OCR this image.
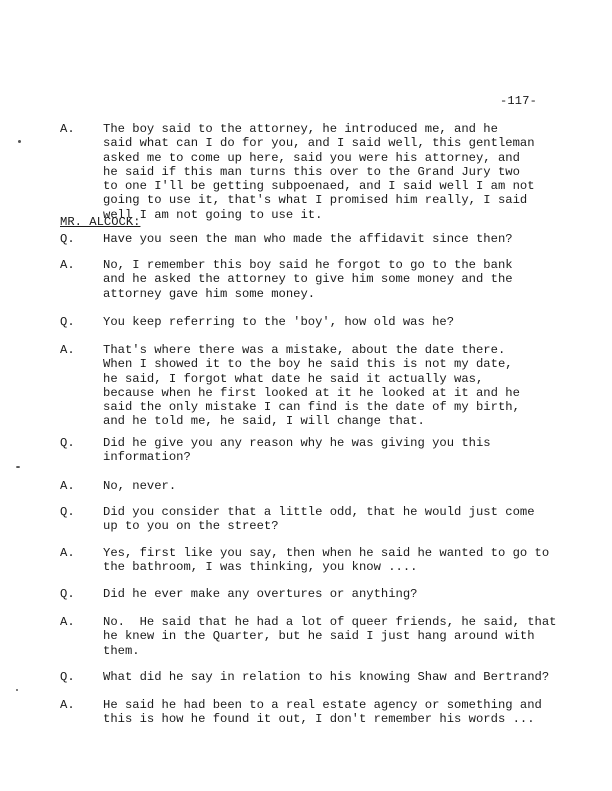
-117-
MR. ALCOCK:
A.	The boy said to the attorney, he introduced me, and he
said what can I do for you, and I said well, this gentleman
asked me to come up here, said you were his attorney, and
he said if this man turns this over to the Grand Jury two
to one I'll be getting subpoenaed, and I said well I am not
going to use it, that's what I promised him really, I said
well I am not going to use it.
Q.	Have you seen the man who made the affidavit since then?
A.	No, I remember this boy said he forgot to go to the bank
and he asked the attorney to give him some money and the
attorney gave him some money.
Q.	You keep referring to the 'boy', how old was he?
A.	That's where there was a mistake, about the date there.
When I showed it to the boy he said this is not my date,
he said, I forgot what date he said it actually was,
because when he first looked at it he looked at it and he
said the only mistake I can find is the date of my birth,
and he told me, he said, I will change that.
Q.	Did he give you any reason why he was giving you this
information?
A.	No, never.
Q.	Did you consider that a little odd, that he would just come
up to you on the street?
A.	Yes, first like you say, then when he said he wanted to go to
the bathroom, I was thinking, you know ....
Q.	Did he ever make any overtures or anything?
A.	No.  He said that he had a lot of queer friends, he said, that
he knew in the Quarter, but he said I just hang around with
them.
Q.	What did he say in relation to his knowing Shaw and Bertrand?
A.	He said he had been to a real estate agency or something and
this is how he found it out, I don't remember his words ...
